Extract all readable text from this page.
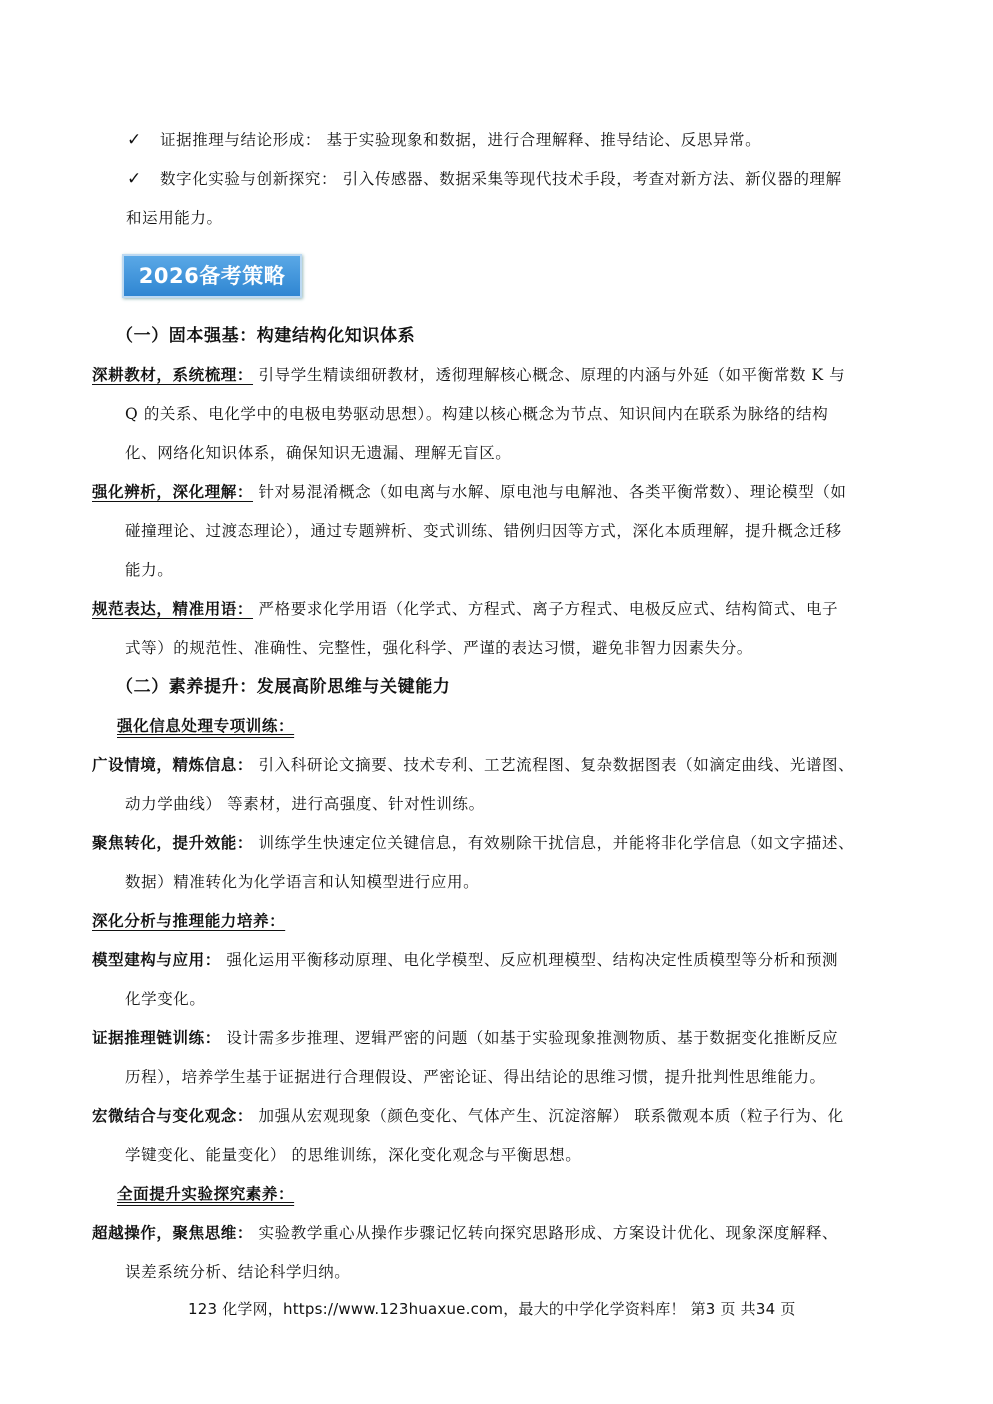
✓ 证据推理与结论形成： 基于实验现象和数据，进行合理解释、推导结论、反思异常。
✓ 数字化实验与创新探究： 引入传感器、数据采集等现代技术手段，考查对新方法、新仪器的理解
和运用能力。
2026备考策略
（一）固本强基：构建结构化知识体系
深耕教材，系统梳理： 引导学生精读细研教材，透彻理解核心概念、原理的内涵与外延（如平衡常数 K 与
Q 的关系、电化学中的电极电势驱动思想）。构建以核心概念为节点、知识间内在联系为脉络的结构
化、网络化知识体系，确保知识无遗漏、理解无盲区。
强化辨析，深化理解： 针对易混淆概念（如电离与水解、原电池与电解池、各类平衡常数）、理论模型（如
碰撞理论、过渡态理论），通过专题辨析、变式训练、错例归因等方式，深化本质理解，提升概念迁移
能力。
规范表达，精准用语： 严格要求化学用语（化学式、方程式、离子方程式、电极反应式、结构简式、电子
式等）的规范性、准确性、完整性，强化科学、严谨的表达习惯，避免非智力因素失分。
（二）素养提升：发展高阶思维与关键能力
强化信息处理专项训练：
广设情境，精炼信息： 引入科研论文摘要、技术专利、工艺流程图、复杂数据图表（如滴定曲线、光谱图、
动力学曲线） 等素材，进行高强度、针对性训练。
聚焦转化，提升效能： 训练学生快速定位关键信息，有效剔除干扰信息，并能将非化学信息（如文字描述、
数据）精准转化为化学语言和认知模型进行应用。
深化分析与推理能力培养：
模型建构与应用： 强化运用平衡移动原理、电化学模型、反应机理模型、结构决定性质模型等分析和预测
化学变化。
证据推理链训练： 设计需多步推理、逻辑严密的问题（如基于实验现象推测物质、基于数据变化推断反应
历程），培养学生基于证据进行合理假设、严密论证、得出结论的思维习惯，提升批判性思维能力。
宏微结合与变化观念： 加强从宏观现象（颜色变化、气体产生、沉淀溶解） 联系微观本质（粒子行为、化
学键变化、能量变化） 的思维训练，深化变化观念与平衡思想。
全面提升实验探究素养：
超越操作，聚焦思维： 实验教学重心从操作步骤记忆转向探究思路形成、方案设计优化、现象深度解释、
误差系统分析、结论科学归纳。
123 化学网，https://www.123huaxue.com，最大的中学化学资料库！ 第3 页 共34 页
